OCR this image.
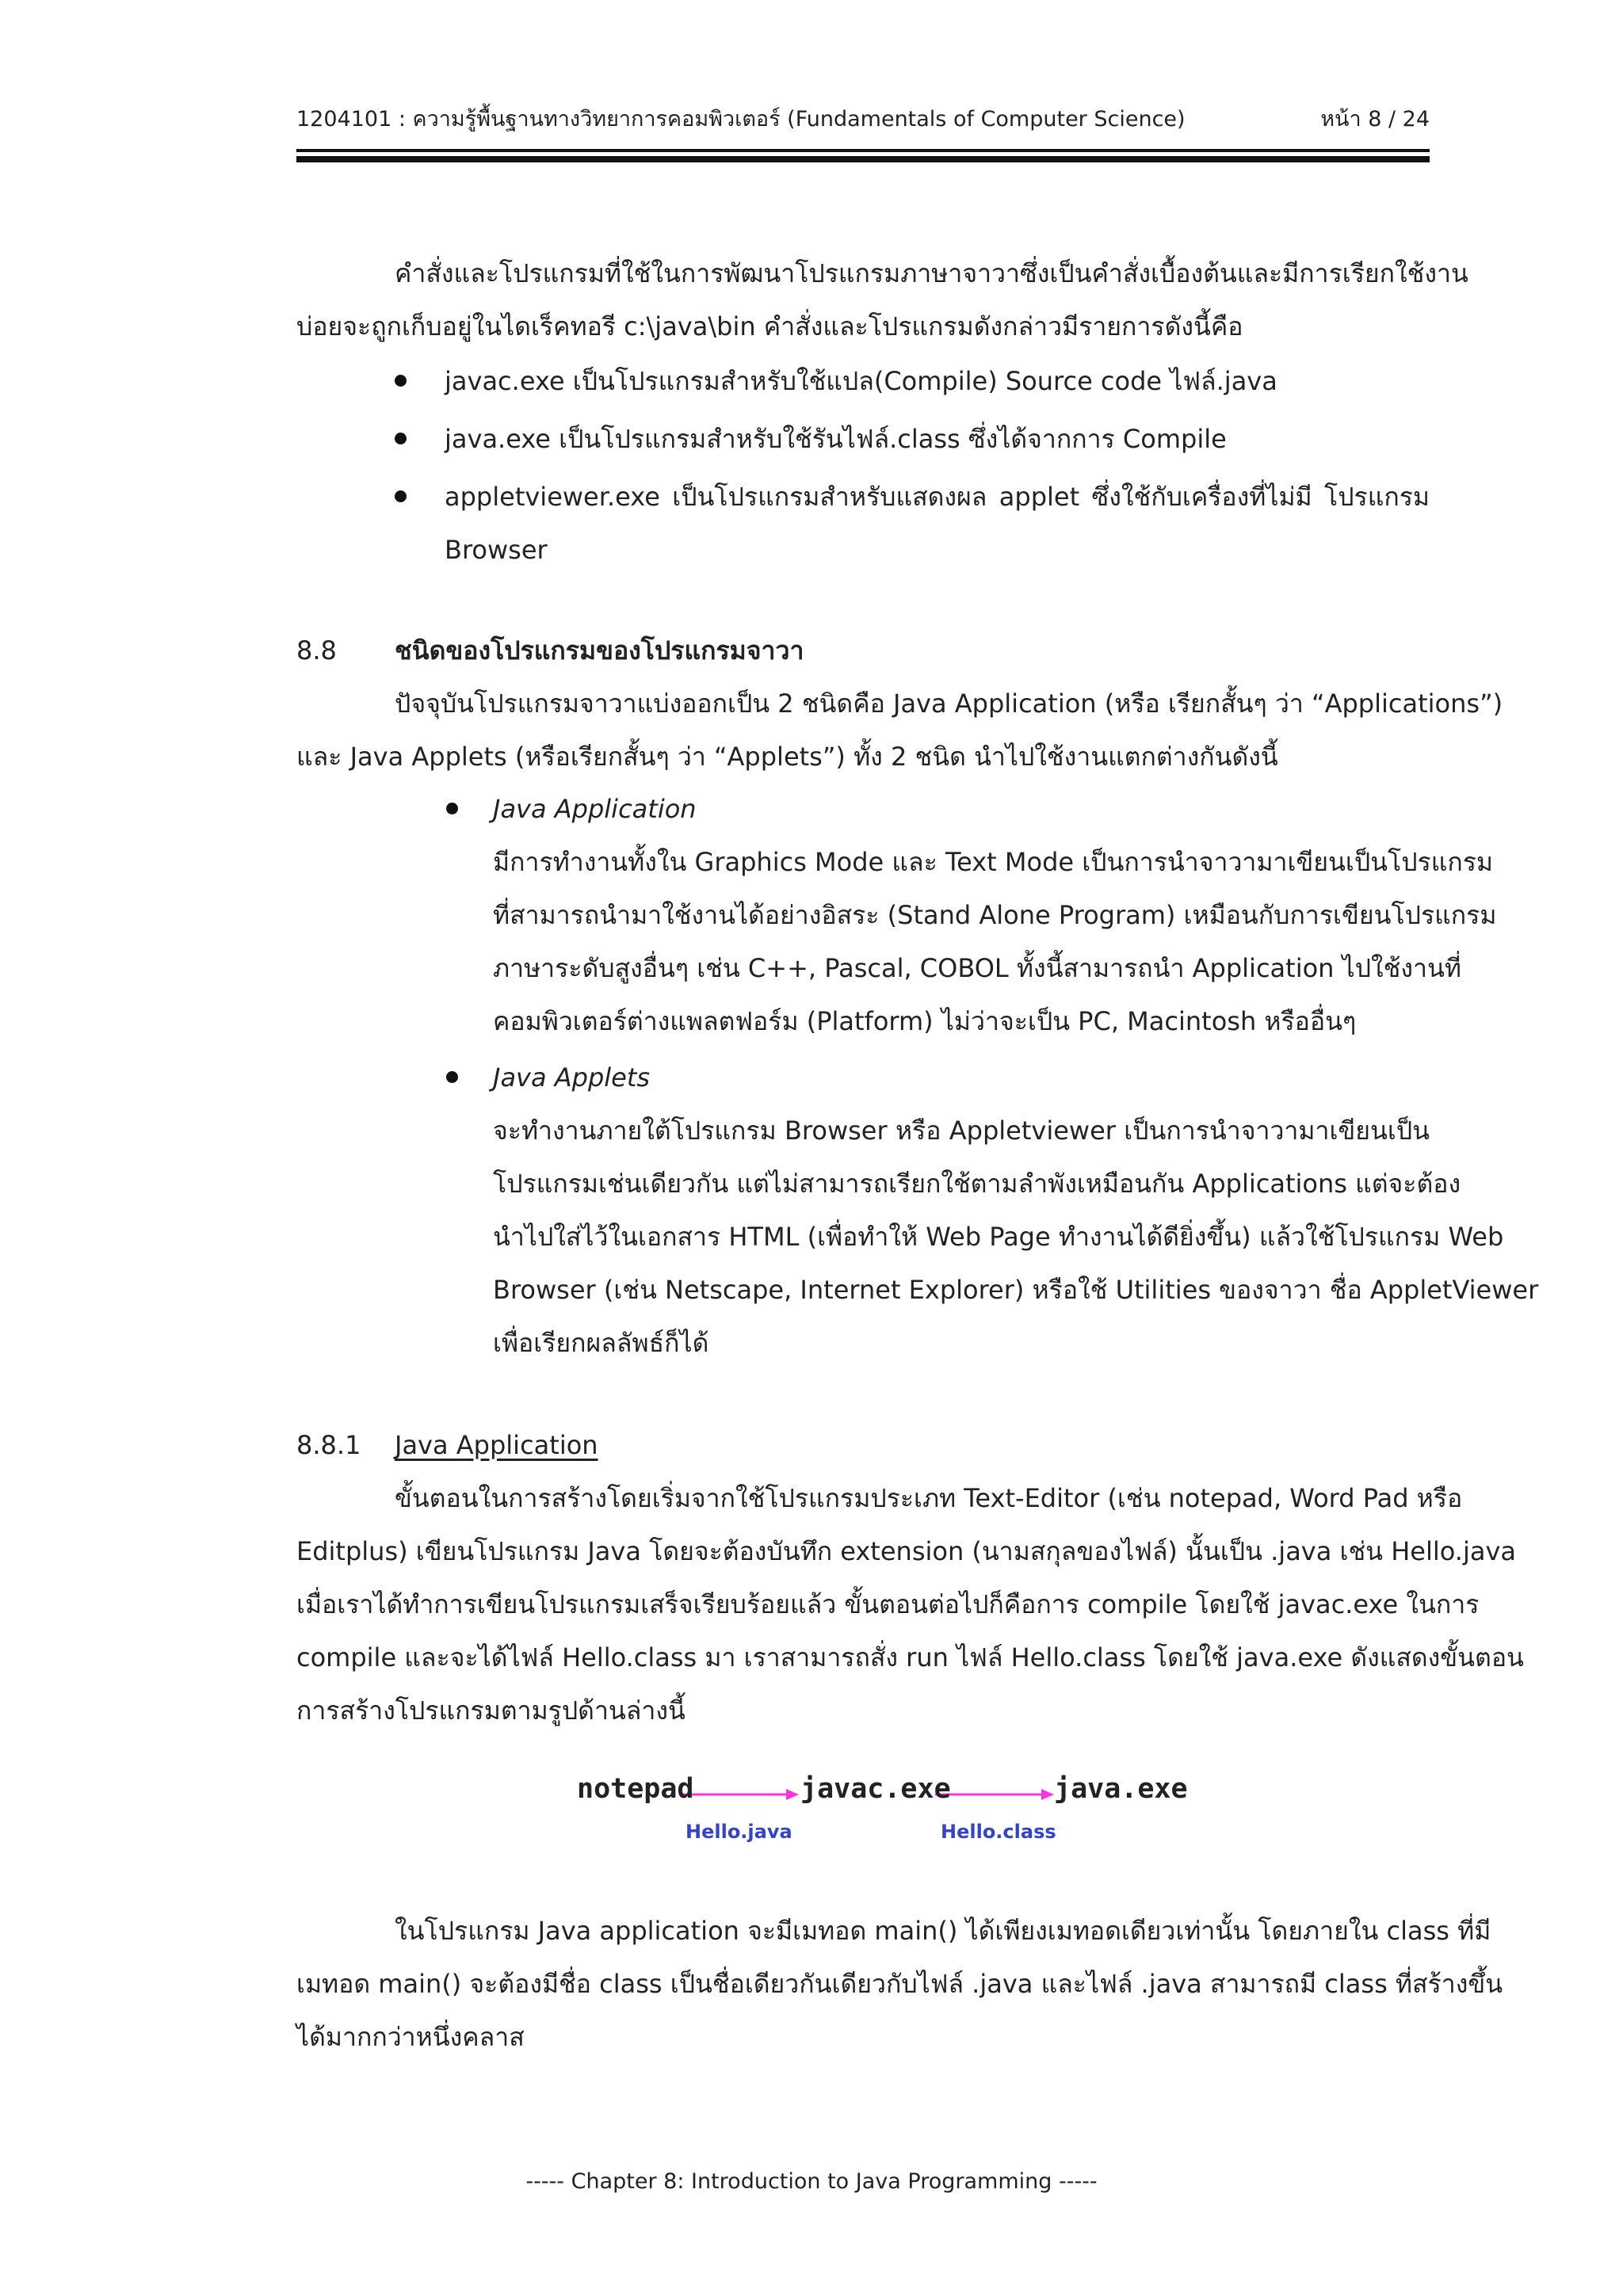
1204101 : ความรู้พื้นฐานทางวิทยาการคอมพิวเตอร์ (Fundamentals of Computer Science)	หน้า 8 / 24
คำสั่งและโปรแกรมที่ใช้ในการพัฒนาโปรแกรมภาษาจาวาซึ่งเป็นคำสั่งเบื้องต้นและมีการเรียกใช้งาน
บ่อยจะถูกเก็บอยู่ในไดเร็คทอรี c:\java\bin คำสั่งและโปรแกรมดังกล่าวมีรายการดังนี้คือ
javac.exe เป็นโปรแกรมสำหรับใช้แปล(Compile) Source code ไฟล์.java
java.exe เป็นโปรแกรมสำหรับใช้รันไฟล์.class ซึ่งได้จากการ Compile
appletviewer.exe เป็นโปรแกรมสำหรับแสดงผล applet ซึ่งใช้กับเครื่องที่ไม่มี โปรแกรม
Browser
8.8 ชนิดของโปรแกรมของโปรแกรมจาวา
ปัจจุบันโปรแกรมจาวาแบ่งออกเป็น 2 ชนิดคือ Java Application (หรือ เรียกสั้นๆ ว่า “Applications”)
และ Java Applets (หรือเรียกสั้นๆ ว่า “Applets”) ทั้ง 2 ชนิด นำไปใช้งานแตกต่างกันดังนี้
Java Application
มีการทำงานทั้งใน Graphics Mode และ Text Mode เป็นการนำจาวามาเขียนเป็นโปรแกรม
ที่สามารถนำมาใช้งานได้อย่างอิสระ (Stand Alone Program) เหมือนกับการเขียนโปรแกรม
ภาษาระดับสูงอื่นๆ เช่น C++, Pascal, COBOL ทั้งนี้สามารถนำ Application ไปใช้งานที่
คอมพิวเตอร์ต่างแพลตฟอร์ม (Platform) ไม่ว่าจะเป็น PC, Macintosh หรืออื่นๆ
Java Applets
จะทำงานภายใต้โปรแกรม Browser หรือ Appletviewer เป็นการนำจาวามาเขียนเป็น
โปรแกรมเช่นเดียวกัน แต่ไม่สามารถเรียกใช้ตามลำพังเหมือนกัน Applications แต่จะต้อง
นำไปใส่ไว้ในเอกสาร HTML (เพื่อทำให้ Web Page ทำงานได้ดียิ่งขึ้น) แล้วใช้โปรแกรม Web
Browser (เช่น Netscape, Internet Explorer) หรือใช้ Utilities ของจาวา ชื่อ AppletViewer
เพื่อเรียกผลลัพธ์ก็ได้
8.8.1 Java Application
ขั้นตอนในการสร้างโดยเริ่มจากใช้โปรแกรมประเภท Text-Editor (เช่น notepad, Word Pad หรือ
Editplus) เขียนโปรแกรม Java โดยจะต้องบันทึก extension (นามสกุลของไฟล์) นั้นเป็น .java เช่น Hello.java
เมื่อเราได้ทำการเขียนโปรแกรมเสร็จเรียบร้อยแล้ว ขั้นตอนต่อไปก็คือการ compile โดยใช้ javac.exe ในการ
compile และจะได้ไฟล์ Hello.class มา เราสามารถสั่ง run ไฟล์ Hello.class โดยใช้ java.exe ดังแสดงขั้นตอน
การสร้างโปรแกรมตามรูปด้านล่างนี้
notepad	javac.exe	java.exe
Hello.java	Hello.class
ในโปรแกรม Java application จะมีเมทอด main() ได้เพียงเมทอดเดียวเท่านั้น โดยภายใน class ที่มี
เมทอด main() จะต้องมีชื่อ class เป็นชื่อเดียวกันเดียวกับไฟล์ .java และไฟล์ .java สามารถมี class ที่สร้างขึ้น
ได้มากกว่าหนึ่งคลาส
----- Chapter 8: Introduction to Java Programming -----
